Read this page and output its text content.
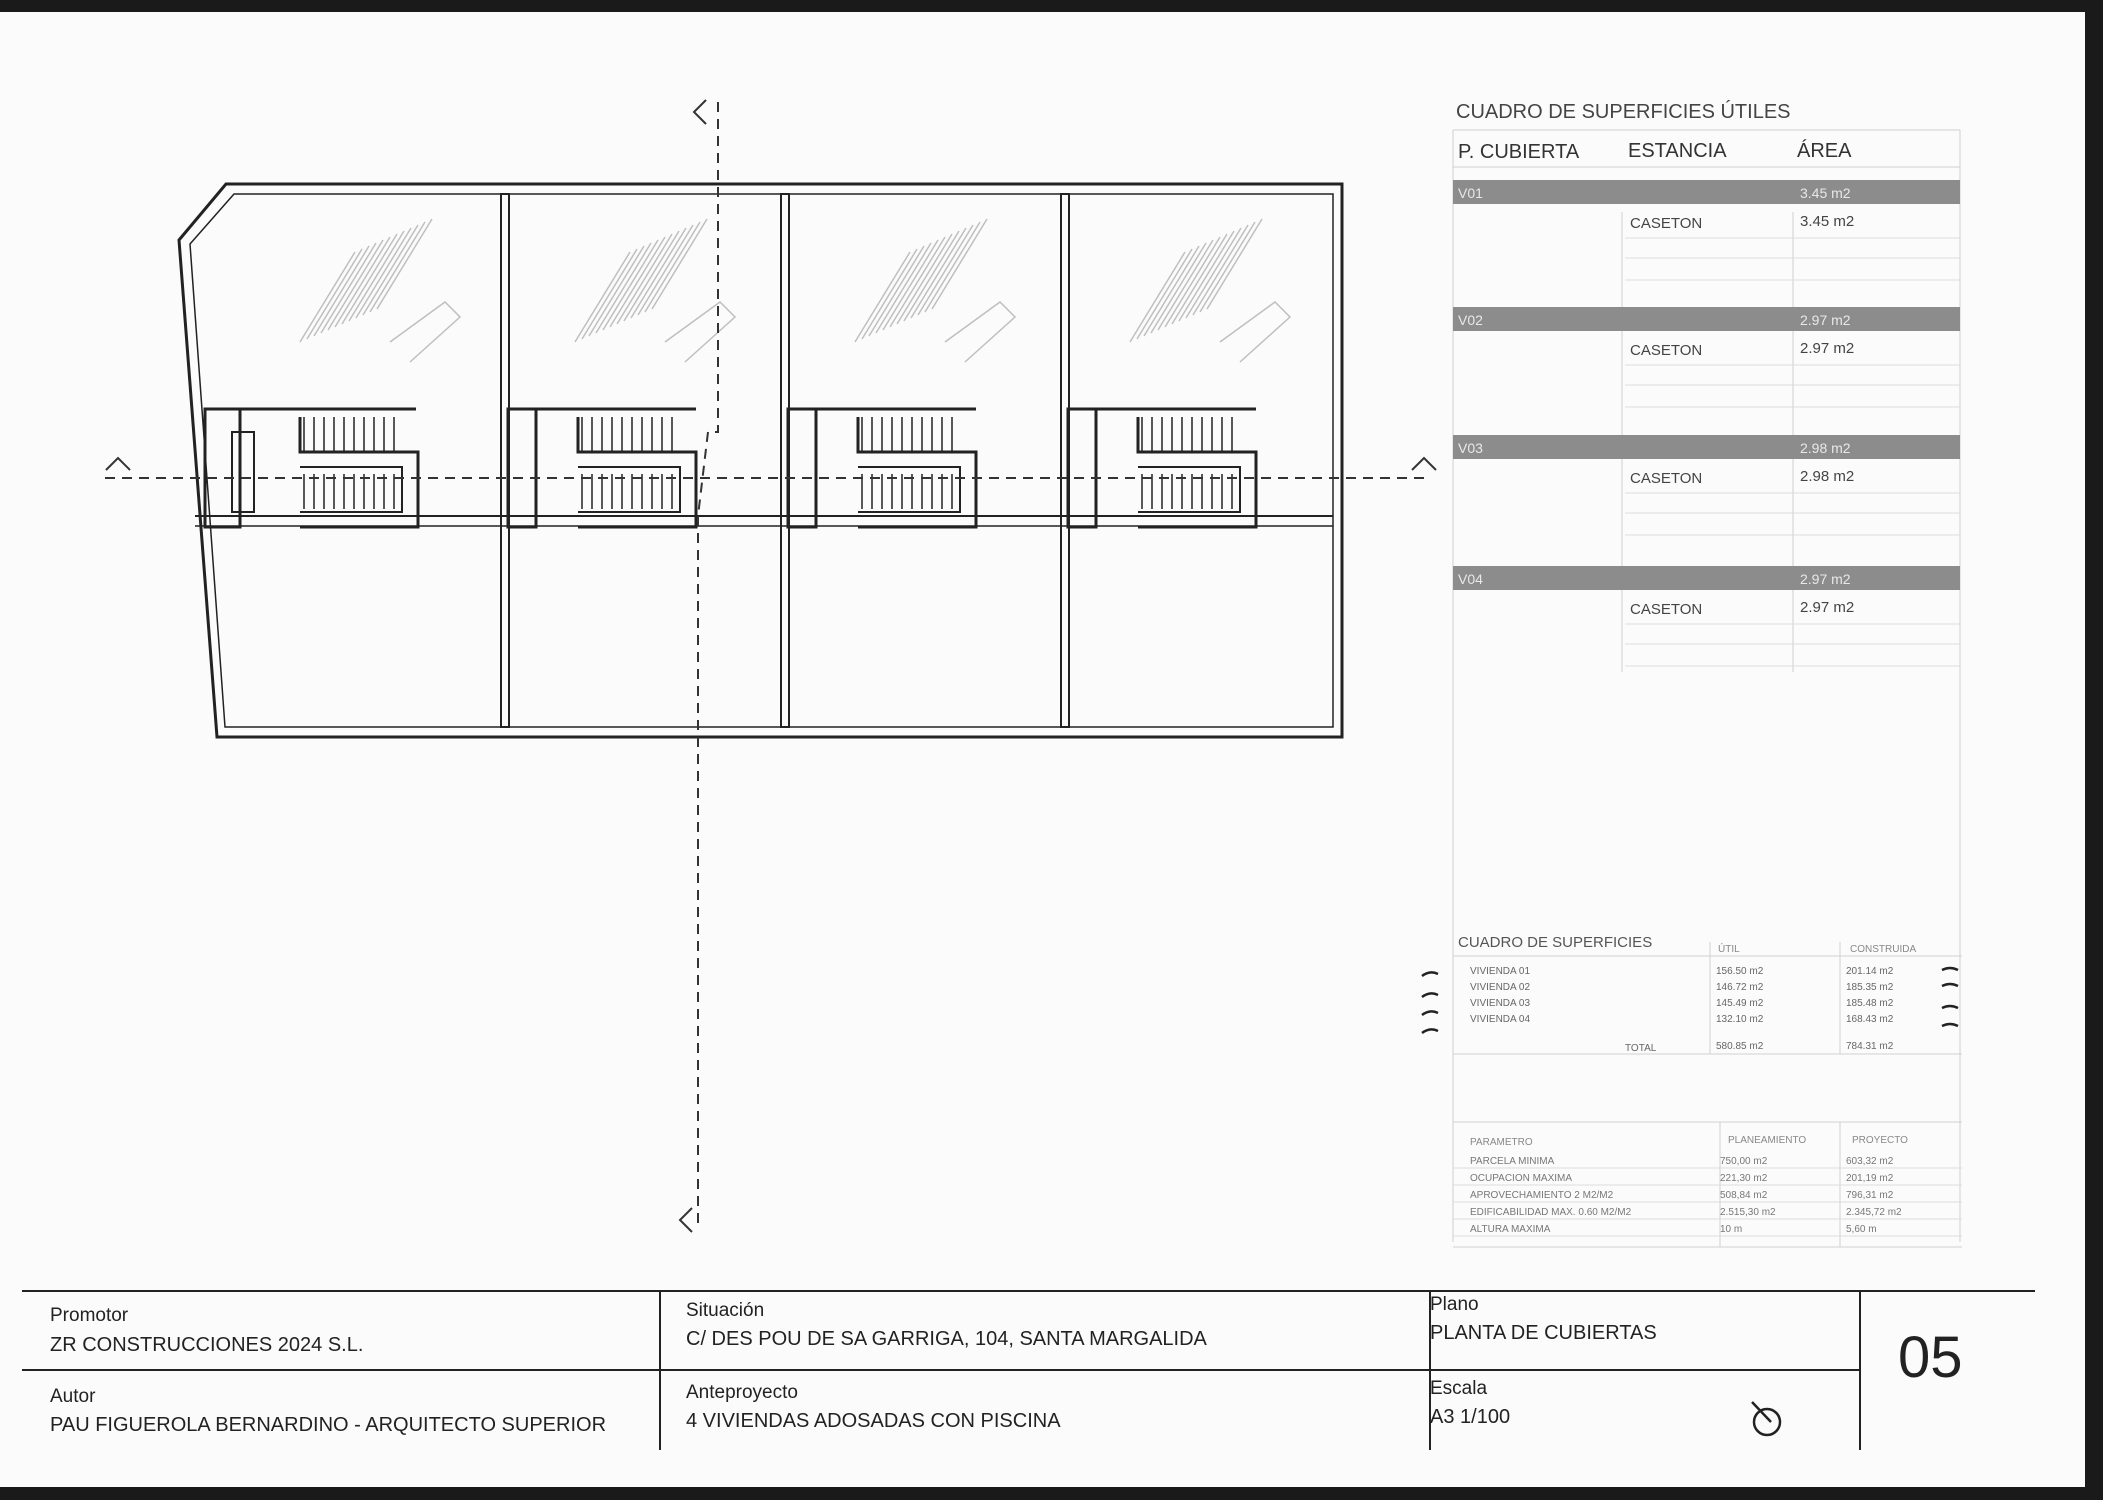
CUADRO DE SUPERFICIES ÚTILES
P. CUBIERTA ESTANCIA	ÁREA
V01	3.45 m2
CASETON	3.45 m2
V02	2.97 m2
CASETON	2.97 m2
V03	2.98 m2
CASETON	2.98 m2
V04	2.97 m2
CASETON	2.97 m2
CUADRO DE SUPERFICIES	ÚTIL	CONSTRUIDA
VIVIENDA 01	156.50 m2	201.14 m2
VIVIENDA 02	146.72 m2	185.35 m2
VIVIENDA 03	145.49 m2	185.48 m2
VIVIENDA 04	132.10 m2	168.43 m2
TOTAL	580.85 m2	784.31 m2
PARAMETRO	PLANEAMIENTO	PROYECTO
PARCELA MINIMA	750,00 m2	603,32 m2
OCUPACION MAXIMA	221,30 m2	201,19 m2
APROVECHAMIENTO 2 M2/M2	508,84 m2	796,31 m2
EDIFICABILIDAD MAX. 0.60 M2/M2	2.515,30 m2	2.345,72 m2
ALTURA MAXIMA	10 m	5,60 m
Promotor
ZR CONSTRUCCIONES 2024 S.L.
Autor
PAU FIGUEROLA BERNARDINO - ARQUITECTO SUPERIOR
Situación
C/ DES POU DE SA GARRIGA, 104, SANTA MARGALIDA
Anteproyecto
4 VIVIENDAS ADOSADAS CON PISCINA
Plano
PLANTA DE CUBIERTAS
Escala
A3 1/100
05
